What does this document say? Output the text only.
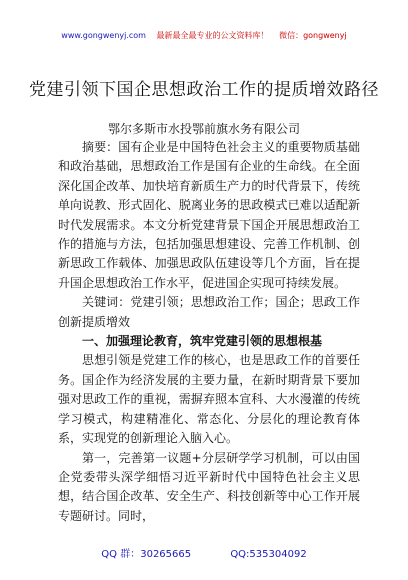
www.gongwenyj.com 最新最全最专业的公文资料库！ 微信：gongwenyj
党建引领下国企思想政治工作的提质增效路径
鄂尔多斯市水投鄂前旗水务有限公司

摘要：国有企业是中国特色社会主义的重要物质基础和政治基础，思想政治工作是国有企业的生命线。在全面深化国企改革、加快培育新质生产力的时代背景下，传统单向说教、形式固化、脱离业务的思政模式已难以适配新时代发展需求。本文分析党建背景下国企开展思想政治工作的措施与方法，包括加强思想建设、完善工作机制、创新思政工作载体、加强思政队伍建设等几个方面，旨在提升国企思想政治工作水平，促进国企实现可持续发展。

关键词：党建引领；思想政治工作；国企；思政工作创新提质增效

一、加强理论教育，筑牢党建引领的思想根基

思想引领是党建工作的核心，也是思政工作的首要任务。国企作为经济发展的主要力量，在新时期背景下要加强对思政工作的重视，需摒弃照本宣科、大水漫灌的传统学习模式，构建精准化、常态化、分层化的理论教育体系，实现党的创新理论入脑入心。

第一，完善第一议题+分层研学学习机制，可以由国企党委带头深学细悟习近平新时代中国特色社会主义思想，结合国企改革、安全生产、科技创新等中心工作开展专题研讨。同时，

QQ 群：30265665	QQ:535304092
